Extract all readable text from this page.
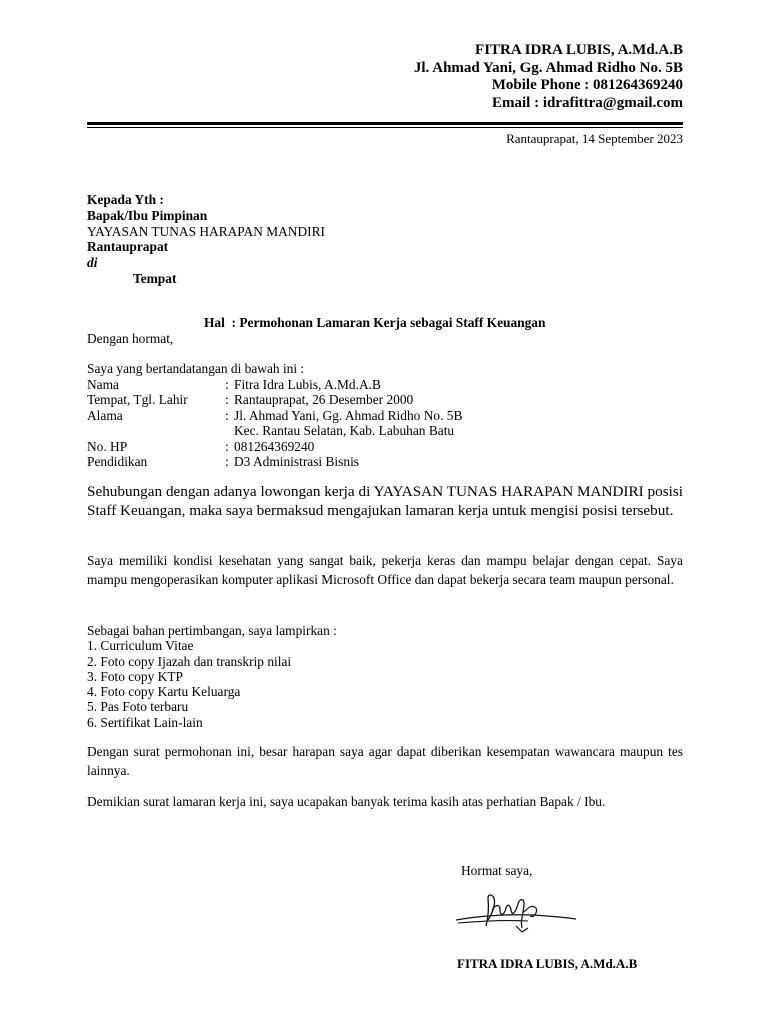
FITRA IDRA LUBIS, A.Md.A.B
Jl. Ahmad Yani, Gg. Ahmad Ridho No. 5B
Mobile Phone : 081264369240
Email : idrafittra@gmail.com
Rantauprapat, 14 September 2023
Kepada Yth :
Bapak/Ibu Pimpinan
YAYASAN TUNAS HARAPAN MANDIRI
Rantauprapat
di
Tempat
Hal  : Permohonan Lamaran Kerja sebagai Staff Keuangan
Dengan hormat,
Saya yang bertandatangan di bawah ini :
Nama	: Fitra Idra Lubis, A.Md.A.B
Tempat, Tgl. Lahir	: Rantauprapat, 26 Desember 2000
Alama	: Jl. Ahmad Yani, Gg. Ahmad Ridho No. 5B
Kec. Rantau Selatan, Kab. Labuhan Batu
No. HP	: 081264369240
Pendidikan	: D3 Administrasi Bisnis
Sehubungan dengan adanya lowongan kerja di YAYASAN TUNAS HARAPAN MANDIRI posisi Staff Keuangan, maka saya bermaksud mengajukan lamaran kerja untuk mengisi posisi tersebut.
Saya memiliki kondisi kesehatan yang sangat baik, pekerja keras dan mampu belajar dengan cepat. Saya mampu mengoperasikan komputer aplikasi Microsoft Office dan dapat bekerja secara team maupun personal.
Sebagai bahan pertimbangan, saya lampirkan :
1. Curriculum Vitae
2. Foto copy Ijazah dan transkrip nilai
3. Foto copy KTP
4. Foto copy Kartu Keluarga
5. Pas Foto terbaru
6. Sertifikat Lain-lain
Dengan surat permohonan ini, besar harapan saya agar dapat diberikan kesempatan wawancara maupun tes lainnya.
Demikian surat lamaran kerja ini, saya ucapakan banyak terima kasih atas perhatian Bapak / Ibu.
Hormat saya,
FITRA IDRA LUBIS, A.Md.A.B
